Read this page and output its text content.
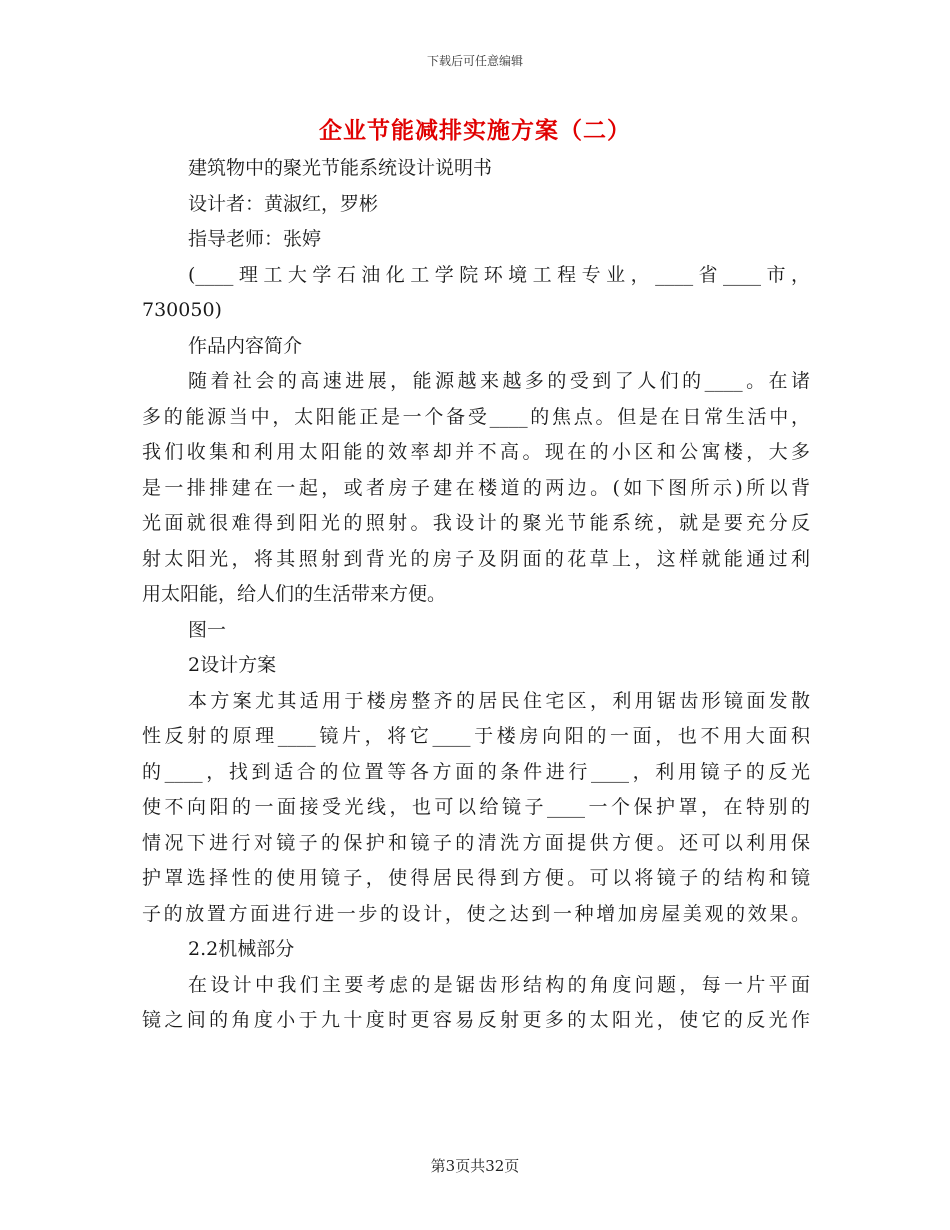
下载后可任意编辑
企业节能减排实施方案（二）
建筑物中的聚光节能系统设计说明书
设计者：黄淑红，罗彬
指导老师：张婷
(____理工大学石油化工学院环境工程专业，____省____市，
730050)
作品内容简介
随着社会的高速进展，能源越来越多的受到了人们的____。在诸
多的能源当中，太阳能正是一个备受____的焦点。但是在日常生活中，
我们收集和利用太阳能的效率却并不高。现在的小区和公寓楼，大多
是一排排建在一起，或者房子建在楼道的两边。(如下图所示)所以背
光面就很难得到阳光的照射。我设计的聚光节能系统，就是要充分反
射太阳光，将其照射到背光的房子及阴面的花草上，这样就能通过利
用太阳能，给人们的生活带来方便。
图一
2设计方案
本方案尤其适用于楼房整齐的居民住宅区，利用锯齿形镜面发散
性反射的原理____镜片，将它____于楼房向阳的一面，也不用大面积
的____，找到适合的位置等各方面的条件进行____，利用镜子的反光
使不向阳的一面接受光线，也可以给镜子____一个保护罩，在特别的
情况下进行对镜子的保护和镜子的清洗方面提供方便。还可以利用保
护罩选择性的使用镜子，使得居民得到方便。可以将镜子的结构和镜
子的放置方面进行进一步的设计，使之达到一种增加房屋美观的效果。
2.2机械部分
在设计中我们主要考虑的是锯齿形结构的角度问题，每一片平面
镜之间的角度小于九十度时更容易反射更多的太阳光，使它的反光作
第3页共32页
